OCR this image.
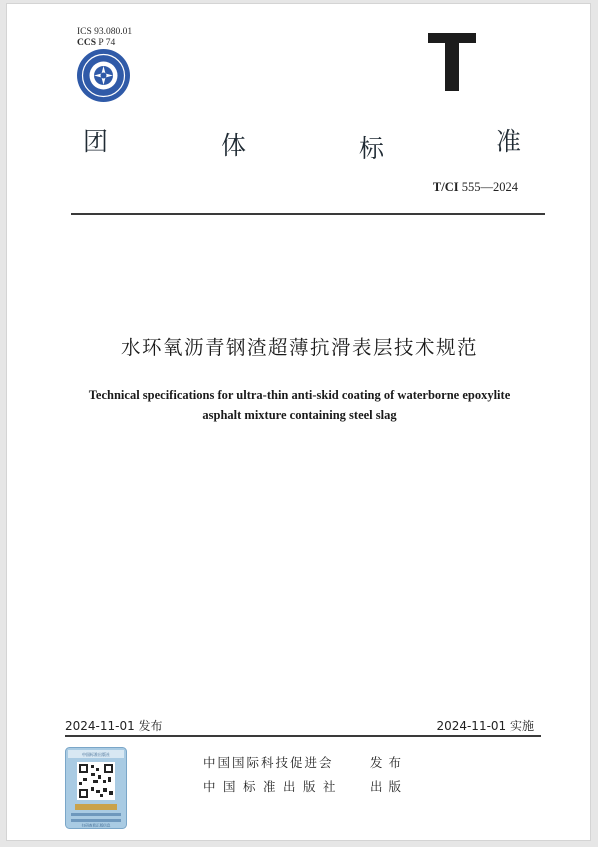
ICS 93.080.01
CCS P 74
团	体	标	准
T/CI 555—2024
水环氧沥青钢渣超薄抗滑表层技术规范
Technical specifications for ultra-thin anti-skid coating of waterborne epoxylite
asphalt mixture containing steel slag
2024-11-01 发布	2024-11-01 实施
中国标准出版社
扫码查看正版信息
中国国际科技促进会	发布
中国标准出版社 出版
